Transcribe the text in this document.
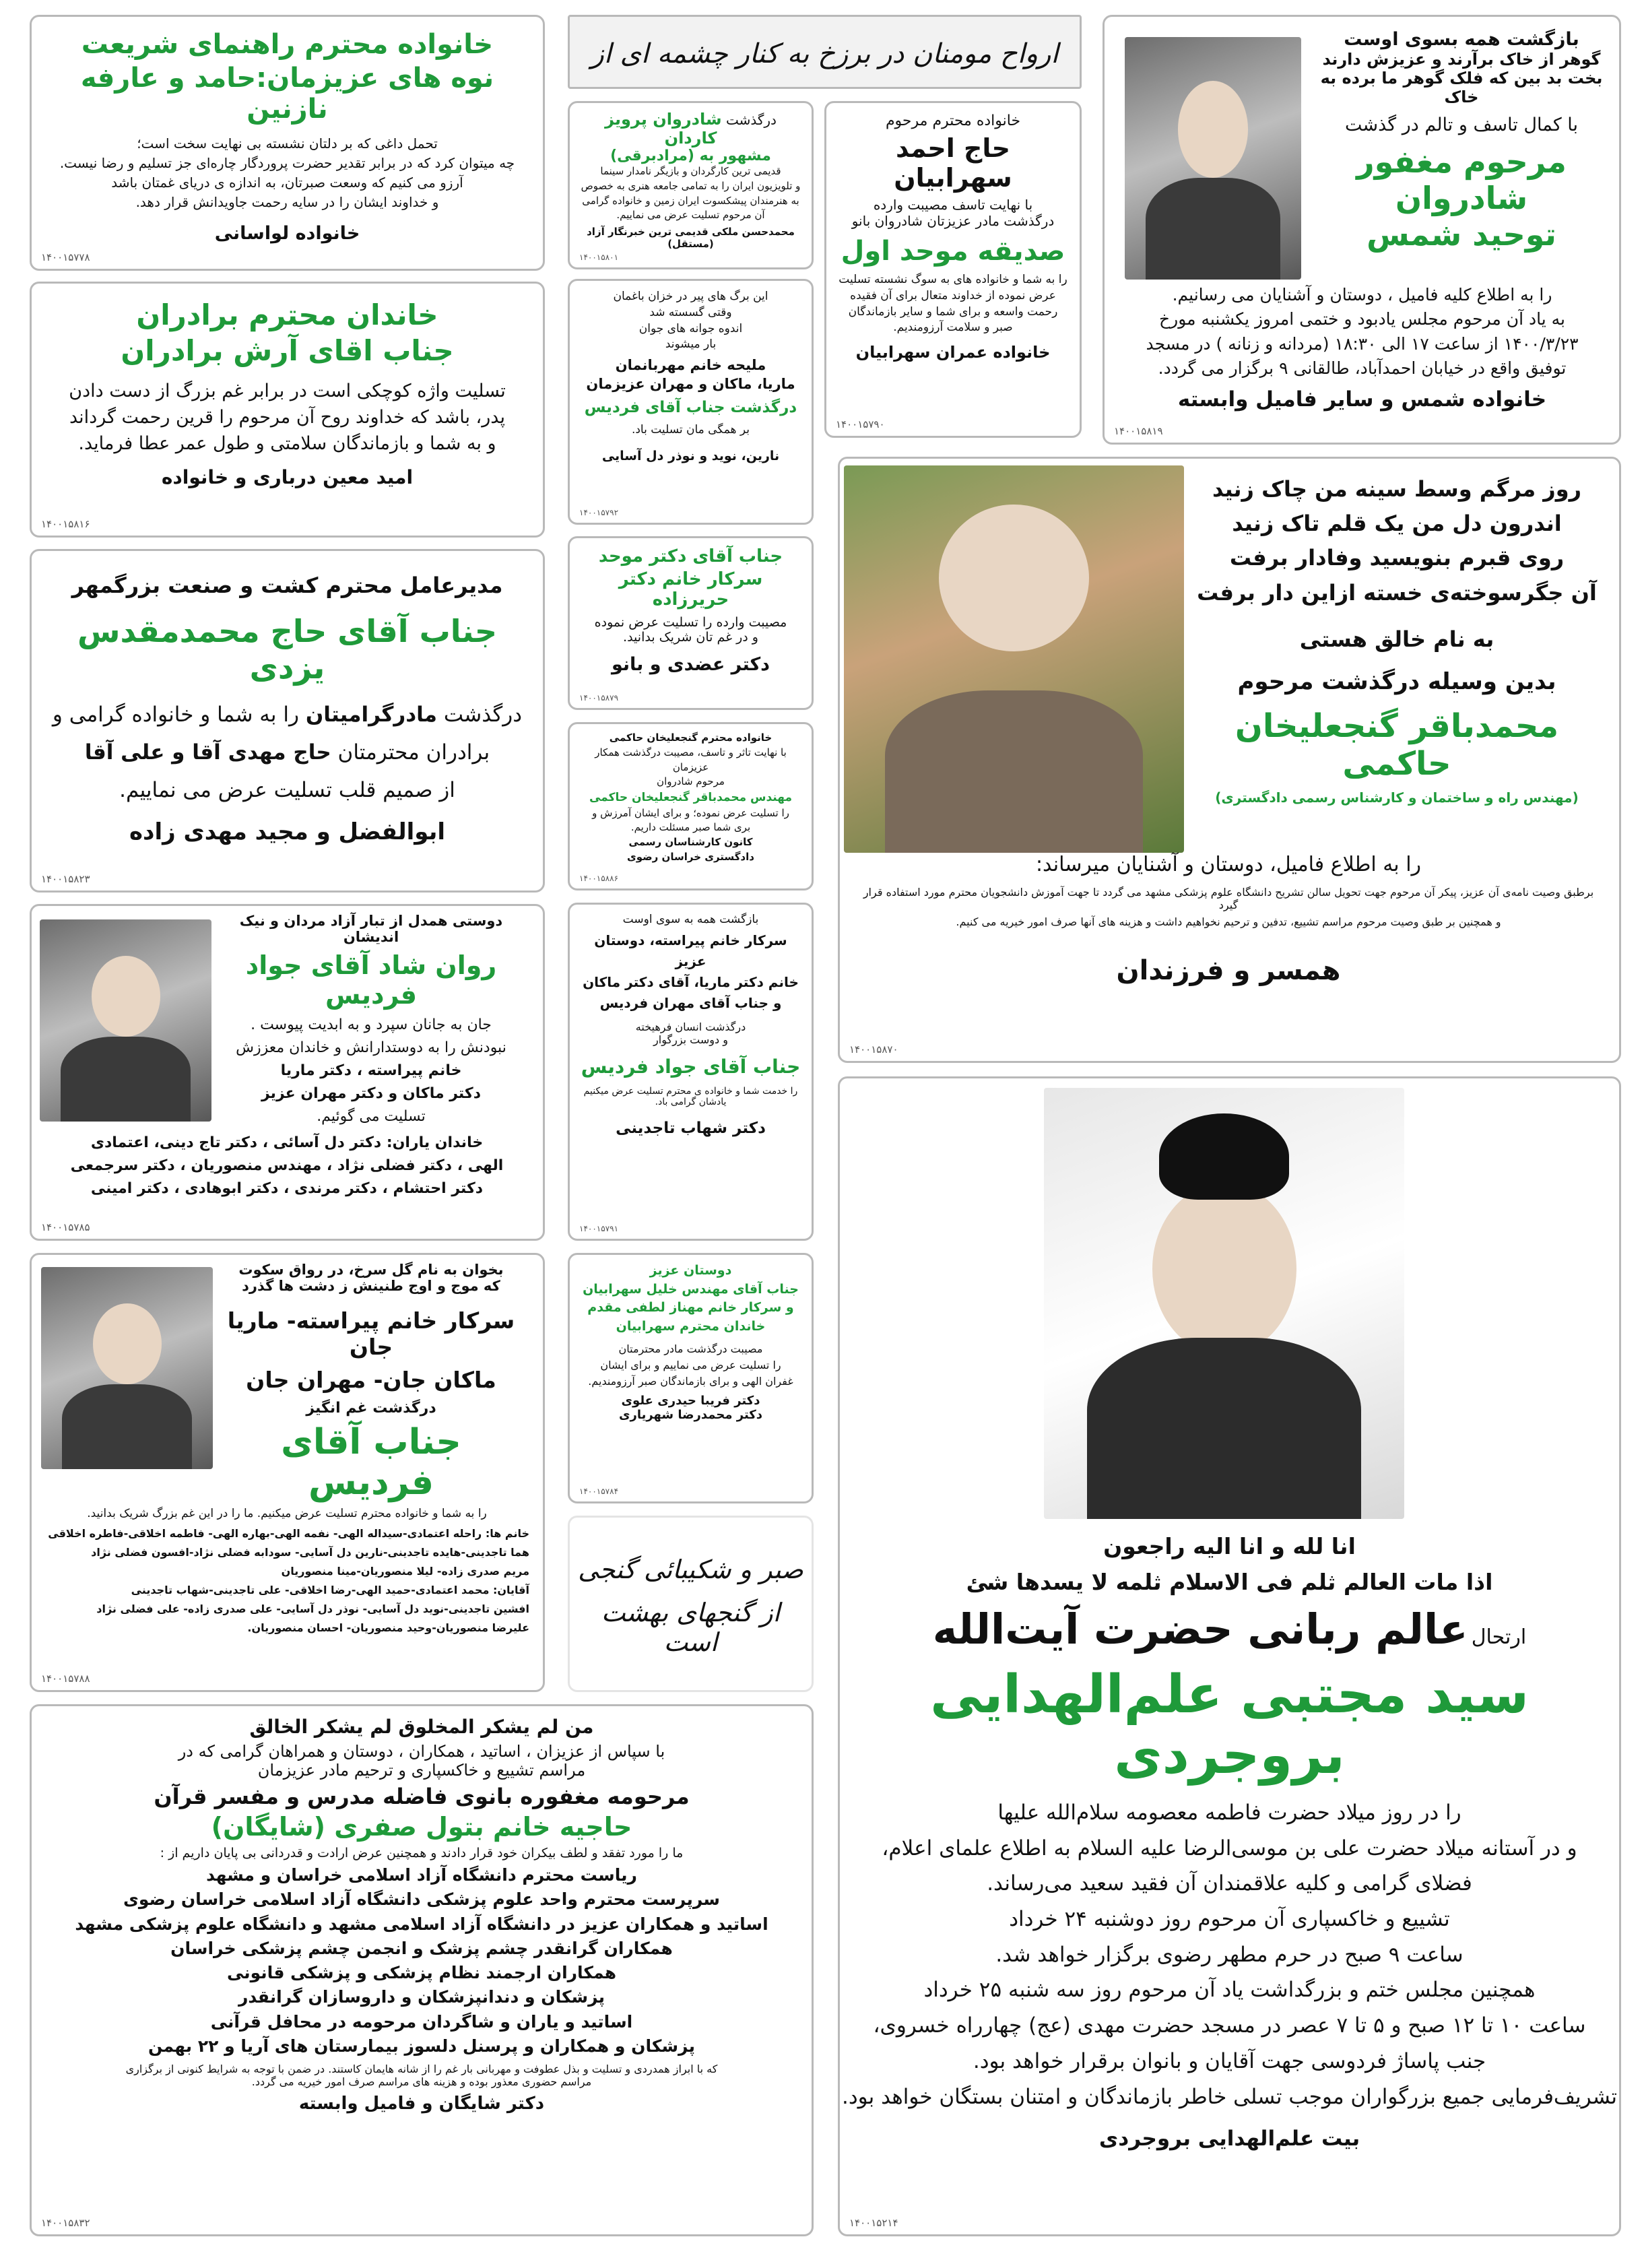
ارواح مومنان در برزخ به کنار چشمه ای از	بازگشت همه بسوی اوست

گوهر از خاک برآرند و عزیزش دارند

بخت بد بین که فلک گوهر ما برده به خاک

با کمال تاسف و تالم در گذشت

مرحوم مغفور شادروان

توحید شمس

را به اطلاع کلیه فامیل ، دوستان و آشنایان می رسانیم.

به یاد آن مرحوم مجلس یادبود و ختمی امروز یکشنبه مورخ

۱۴۰۰/۳/۲۳ از ساعت ۱۷ الی ۱۸:۳۰ (مردانه و زنانه ) در مسجد

توفیق واقع در خیابان احمدآباد، طالقانی ۹ برگزار می گردد.

خانواده شمس و سایر فامیل وابسته

۱۴۰۰۱۵۸۱۹

خانواده محترم مرحوم

حاج احمد سهرابیان

با نهایت تاسف مصیبت وارده

درگذشت مادر عزیزتان شادروان بانو

صدیقه موحد اول

را به شما و خانواده های به سوگ نشسته تسلیت

عرض نموده از خداوند متعال برای آن فقیده

رحمت واسعه و برای شما و سایر بازماندگان

صبر و سلامت آرزومندیم.

خانواده عمران سهرابیان

۱۴۰۰۱۵۷۹۰

درگذشت شادروان پرویز کاردان

مشهور به (مرادبرقی)

قدیمی ترین کارگردان و بازیگر نامدار سینما

و تلویزیون ایران را به تمامی جامعه هنری به خصوص

به هنرمندان پیشکسوت ایران زمین و خانواده گرامی

آن مرحوم تسلیت عرض می نماییم.

محمدحسن ملکی قدیمی ترین خبرنگار آزاد (مستقل)

۱۴۰۰۱۵۸۰۱

خانواده محترم راهنمای شریعت

نوه های عزیزمان:حامد و عارفه نازنین

تحمل داغی که بر دلتان نشسته بی نهایت سخت است؛

چه میتوان کرد که در برابر تقدیر حضرت پروردگار چاره‌ای جز تسلیم و رضا نیست.

آرزو می کنیم که وسعت صبرتان، به اندازه ی دریای غمتان باشد

و خداوند ایشان را در سایه رحمت جاویدانش قرار دهد.

خانواده لواسانی

۱۴۰۰۱۵۷۷۸

این برگ های پیر در خزان باغمان

وقتی گسسته شد

اندوه جوانه های جوان

بار میشوند

ملیحه خانم مهربانمان

ماریا، ماکان و مهران عزیزمان

درگذشت جناب آقای فردیس

بر همگی مان تسلیت باد.

نارین، نوید و نوذر دل آسایی

۱۴۰۰۱۵۷۹۲

خاندان محترم برادران

جناب اقای آرش برادران

تسلیت واژه کوچکی است در برابر غم بزرگ از دست دادن

پدر، باشد که خداوند روح آن مرحوم را قرین رحمت گرداند

و به شما و بازماندگان سلامتی و طول عمر عطا فرماید.

امید معین درباری و خانواده

۱۴۰۰۱۵۸۱۶

روز مرگم وسط سینه من چاک زنید

اندرون دل من یک قلم تاک زنید

روی قبرم بنویسید وفادار برفت

آن جگرسوخته‌ی خسته ازاین دار برفت

به نام خالق هستی

بدین وسیله درگذشت مرحوم

محمدباقر گنجعلیخان حاکمی

(مهندس راه و ساختمان و کارشناس رسمی دادگستری)

را به اطلاع فامیل، دوستان و آشنایان میرساند:

برطبق وصیت نامه‌ی آن عزیز، پیکر آن مرحوم جهت تحویل سالن تشریح دانشگاه علوم پزشکی مشهد می گردد تا جهت آموزش دانشجویان محترم مورد استفاده قرار گیرد

و همچنین بر طبق وصیت مرحوم مراسم تشییع، تدفین و ترحیم نخواهیم داشت و هزینه های آنها صرف امور خیریه می کنیم.

همسر و فرزندان

۱۴۰۰۱۵۸۷۰

جناب آقای دکتر موحد

سرکار خانم دکتر حریرزاده

مصیبت وارده را تسلیت عرض نموده

و در غم تان شریک بدانید.

دکتر عضدی و بانو

۱۴۰۰۱۵۸۷۹

مدیرعامل محترم کشت و صنعت بزرگمهر

جناب آقای حاج محمدمقدس یزدی

درگذشت مادرگرامیتان را به شما و خانواده گرامی و

برادران محترمتان حاج مهدی آقا و علی آقا

از صمیم قلب تسلیت عرض می نماییم.

ابوالفضل و مجید مهدی زاده

۱۴۰۰۱۵۸۲۳

خانواده محترم گنجعلیخان حاکمی

با نهایت تاثر و تاسف، مصیبت درگذشت همکار عزیزمان

مرحوم شادروان

مهندس محمدباقر گنجعلیخان حاکمی

را تسلیت عرض نموده؛ و برای ایشان آمرزش و

بری شما صبر مسئلت داریم.

کانون کارشناسان رسمی

دادگستری خراسان رضوی

۱۴۰۰۱۵۸۸۶

دوستی همدل از تبار آزاد مردان و نیک اندیشان

روان شاد آقای جواد فردیس

جان به جانان سپرد و به ابدیت پیوست .

نبودنش را به دوستدارانش و خاندان معززش

خانم پیراسته ، دکتر ماریا

دکتر ماکان و دکتر مهران عزیز

تسلیت می گوئیم.

خاندان یاران: دکتر دل آسائی ، دکتر تاج دینی، اعتمادی

الهی ، دکتر فضلی نژاد ، مهندس منصوریان ، دکتر سرجمعی

دکتر احتشام ، دکتر مرندی ، دکتر ابوهادی ، دکتر امینی

۱۴۰۰۱۵۷۸۵

بازگشت همه به سوی اوست

سرکار خانم پیراسته، دوستان عزیز

خانم دکتر ماریا، آقای دکتر ماکان

و جناب آقای مهران فردیس

درگذشت انسان فرهیخته

و دوست بزرگوار

جناب آقای جواد فردیس

را خدمت شما و خانواده ی محترم تسلیت عرض میکنیم

یادشان گرامی باد.

دکتر شهاب تاجدینی

۱۴۰۰۱۵۷۹۱

بخوان به نام گل سرخ، در رواق سکوت

که موج و اوج طنینش ز دشت ها گذرد

سرکار خانم پیراسته- ماریا جان

ماکان جان- مهران جان

درگذشت غم انگیز

جناب آقای فردیس

را به شما و خانواده محترم تسلیت عرض میکنیم. ما را در این غم بزرگ شریک بدانید.

خانم ها: راحله اعتمادی-سیداله الهی- نفمه الهی-بهاره الهی- فاطمه اخلاقی-فاطره اخلاقی

هما تاجدینی-هایده تاجدینی-نارین دل آسایی- سودابه فضلی نژاد-افسون فضلی نژاد

مریم صدری زاده- لیلا منصوریان-مینا منصوریان

آقایان: محمد اعتمادی-حمید الهی-رضا اخلاقی- علی تاجدینی-شهاب تاجدینی

افشین تاجدینی-نوید دل آسایی- نوذر دل آسایی- علی صدری زاده- علی فضلی نژاد

علیرضا منصوریان-وحید منصوریان- احسان منصوریان.

۱۴۰۰۱۵۷۸۸

دوستان عزیز

جناب آقای مهندس خلیل سهرابیان

و سرکار خانم مهناز لطفی مقدم

خاندان محترم سهرابیان

مصیبت درگذشت مادر محترمتان

را تسلیت عرض می نماییم و برای ایشان

غفران الهی و برای بازماندگان صبر آرزومندیم.

دکتر فریبا حیدری علوی

دکتر محمدرضا شهریاری

۱۴۰۰۱۵۷۸۴

صبر و شکیبائی گنجی

از گنجهای بهشت است

انا لله و انا الیه راجعون

اذا مات العالم ثلم فی الاسلام ثلمه لا یسدها شئ

ارتحال عالم ربانی حضرت آیت‌الله

سید مجتبی علم‌الهدایی بروجردی

را در روز میلاد حضرت فاطمه معصومه سلام‌الله علیها

و در آستانه میلاد حضرت علی بن موسی‌الرضا علیه السلام به اطلاع علمای اعلام،

فضلای گرامی و کلیه علاقمندان آن فقید سعید می‌رساند.

تشییع و خاکسپاری آن مرحوم روز دوشنبه ۲۴ خرداد

ساعت ۹ صبح در حرم مطهر رضوی برگزار خواهد شد.

همچنین مجلس ختم و بزرگداشت یاد آن مرحوم روز سه شنبه ۲۵ خرداد

ساعت ۱۰ تا ۱۲ صبح و ۵ تا ۷ عصر در مسجد حضرت مهدی (عج) چهارراه خسروی،

جنب پاساژ فردوسی جهت آقایان و بانوان برقرار خواهد بود.

تشریف‌فرمایی جمیع بزرگواران موجب تسلی خاطر بازماندگان و امتنان بستگان خواهد بود.

بیت علم‌الهدایی بروجردی

۱۴۰۰۱۵۲۱۴

من لم یشکر المخلوق لم یشکر الخالق

با سپاس از عزیزان ، اساتید ، همکاران ، دوستان و همراهان گرامی که در

مراسم تشییع و خاکسپاری و ترحیم مادر عزیزمان

مرحومه مغفوره بانوی فاضله مدرس و مفسر قرآن

حاجیه خانم بتول صفری (شایگان)

ما را مورد تفقد و لطف بیکران خود قرار دادند و همچنین عرض ارادت و قدردانی بی پایان داریم از :

ریاست محترم دانشگاه آزاد اسلامی خراسان و مشهد

سرپرست محترم واحد علوم پزشکی دانشگاه آزاد اسلامی خراسان رضوی

اساتید و همکاران عزیز در دانشگاه آزاد اسلامی مشهد و دانشگاه علوم پزشکی مشهد

همکاران گرانقدر چشم پزشک و انجمن چشم پزشکی خراسان

همکاران ارجمند نظام پزشکی و پزشکی قانونی

پزشکان و دندانپزشکان و داروسازان گرانقدر

اساتید و یاران و شاگردان مرحومه در محافل قرآنی

پزشکان و همکاران و پرسنل دلسوز بیمارستان های آریا و ۲۲ بهمن

که با ابراز همدردی و تسلیت و بذل عطوفت و مهربانی بار غم را از شانه هایمان کاستند. در ضمن با توجه به شرایط کنونی از برگزاری

مراسم حضوری معذور بوده و هزینه های مراسم صرف امور خیریه می گردد.

دکتر شایگان و فامیل وابسته

۱۴۰۰۱۵۸۳۲
